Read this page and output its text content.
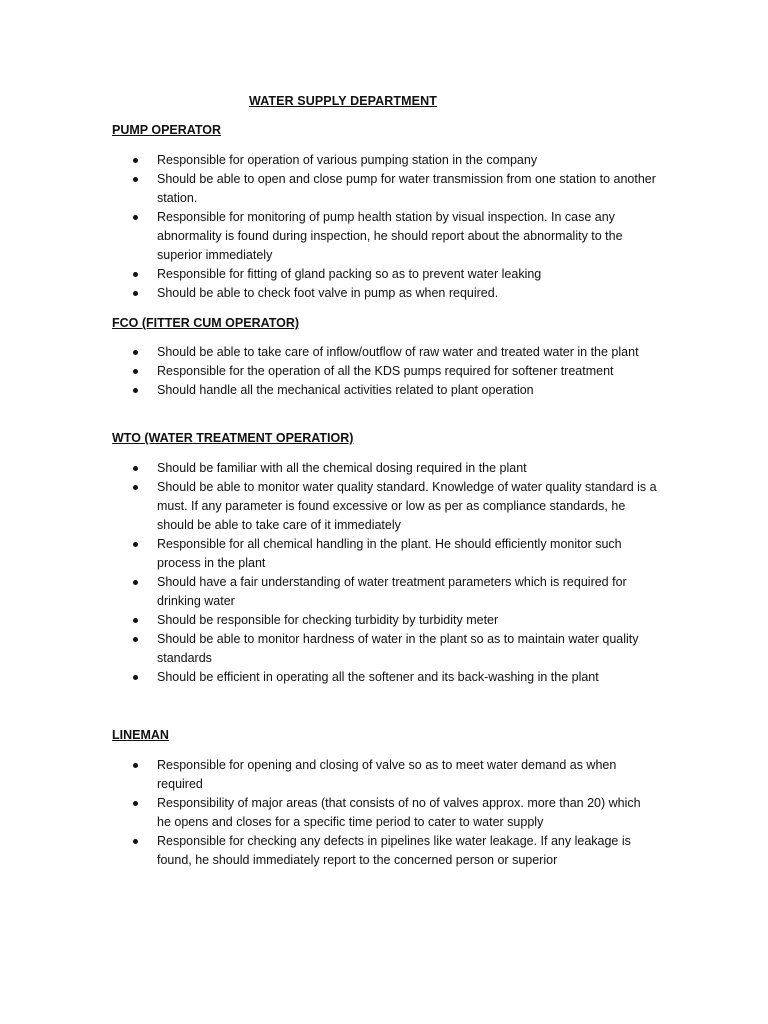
WATER SUPPLY DEPARTMENT
PUMP OPERATOR
Responsible for operation of various pumping station in the company
Should be able to open and close pump for water transmission from one station to another station.
Responsible for monitoring of pump health station by visual inspection. In case any abnormality is found during inspection, he should report about the abnormality to the superior immediately
Responsible for fitting of gland packing so as to prevent water leaking
Should be able to check foot valve in pump as when required.
FCO (FITTER CUM OPERATOR)
Should be able to take care of inflow/outflow of raw water and treated water in the plant
Responsible for the operation of all the KDS pumps required for softener treatment
Should handle all the mechanical activities related to plant operation
WTO (WATER TREATMENT OPERATIOR)
Should be familiar with all the chemical dosing required in the plant
Should be able to monitor water quality standard. Knowledge of water quality standard is a must. If any parameter is found excessive or low as per as compliance standards, he should be able to take care of it immediately
Responsible for all chemical handling in the plant. He should efficiently monitor such process in the plant
Should have a fair understanding of water treatment parameters which is required for drinking water
Should be responsible for checking turbidity by turbidity meter
Should be able to monitor hardness of water in the plant so as to maintain water quality standards
Should be efficient in operating all the softener and its back-washing in the plant
LINEMAN
Responsible for opening and closing of valve so as to meet water demand as when required
Responsibility of major areas (that consists of no of valves approx. more than 20) which he opens and closes for a specific time period to cater to water supply
Responsible for checking any defects in pipelines like water leakage. If any leakage is found, he should immediately report to the concerned person or superior
